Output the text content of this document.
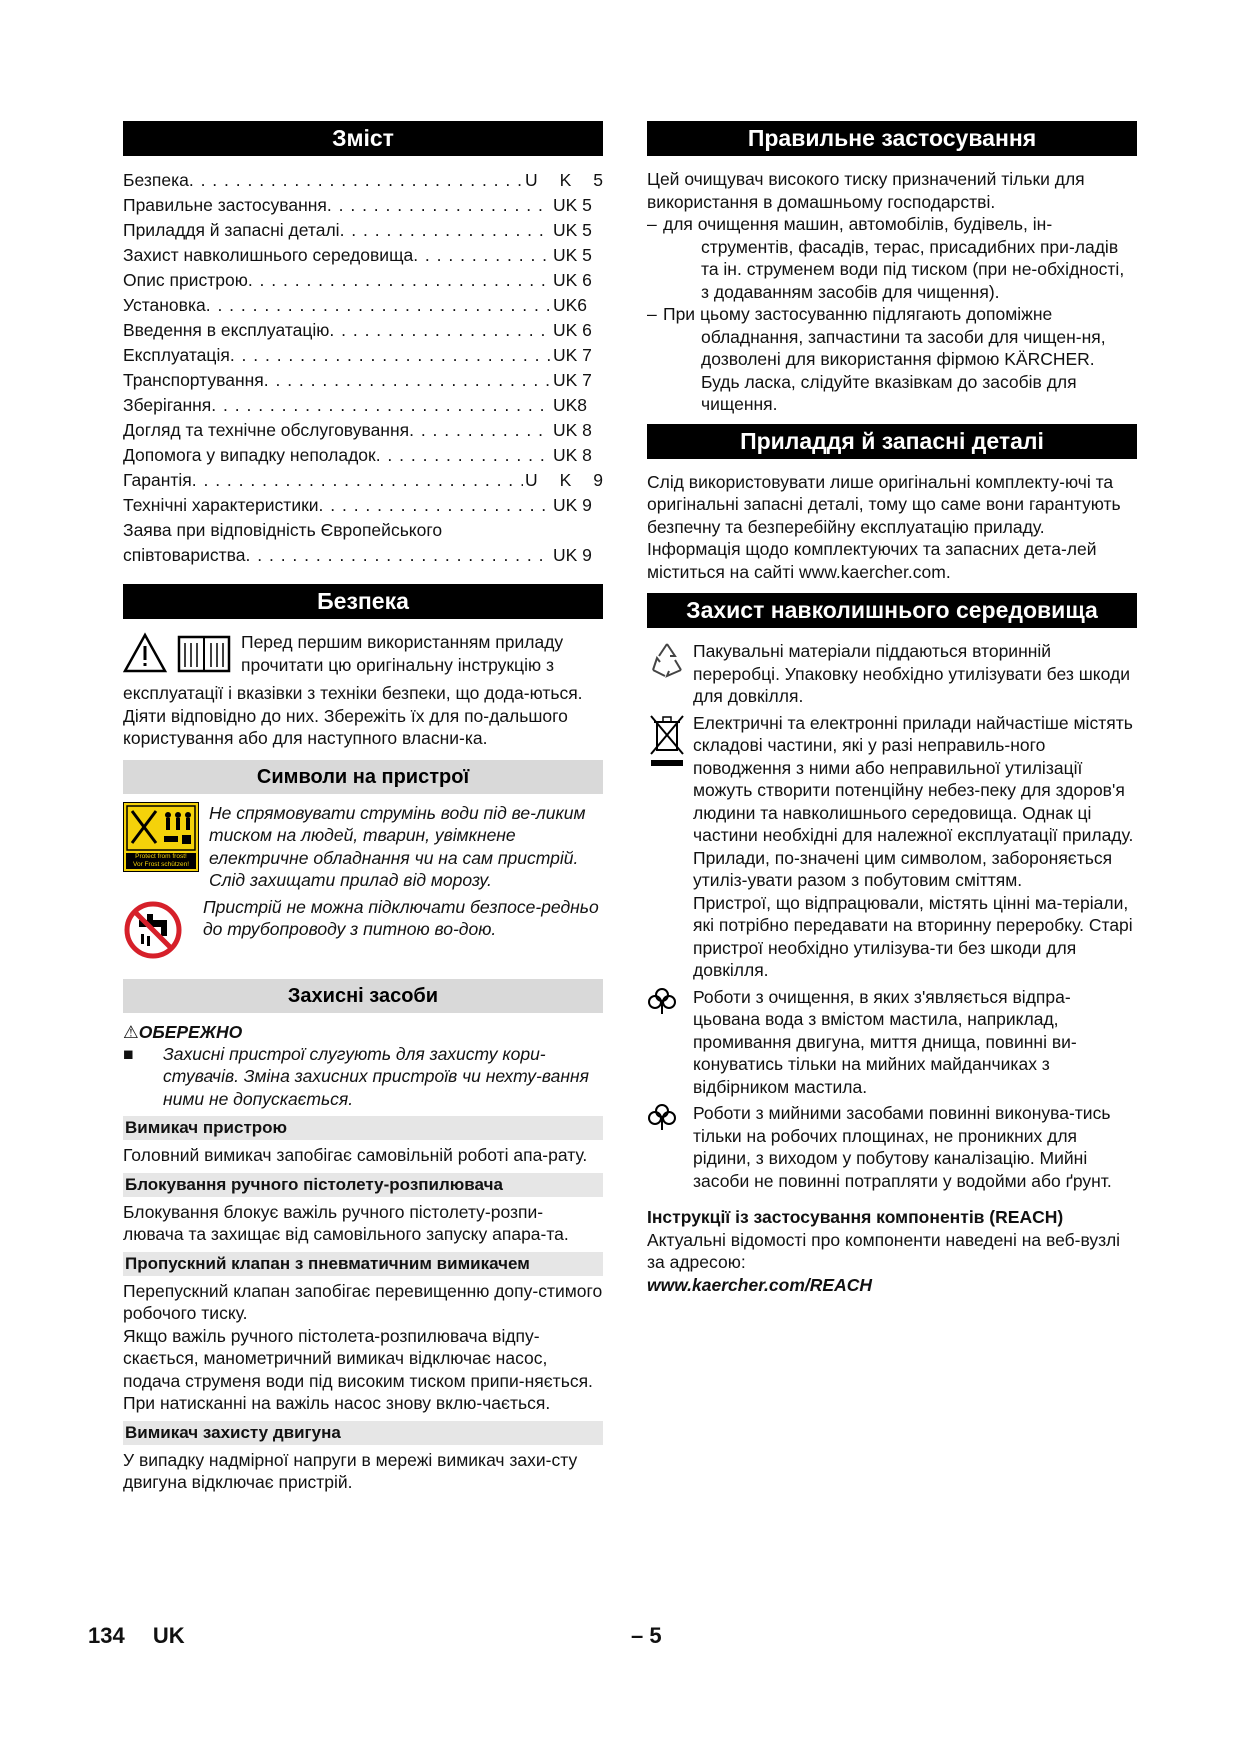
Зміст
Безпека . . .	UK5
Правильне застосування . . .	UK 5
Приладдя й запасні деталі . . .	UK 5
Захист навколишнього середовища . . .	UK 5
Опис пристрою . . .	UK 6
Установка . . .	UK6
Введення в експлуатацію . . .	UK 6
Експлуатація . . .	UK 7
Транспортування . . .	UK 7
Зберігання . . .	UK8
Догляд та технічне обслуговування . . .	UK 8
Допомога у випадку неполадок . . .	UK 8
Гарантія . . .	UK9
Технічні характеристики . . .	UK 9
Заява при відповідність Європейського
співтовариства . . .	UK 9
Безпека

Перед першим використанням приладу

прочитати цю оригінальну інструкцію з

експлуатації і вказівки з техніки безпеки, що дода-ються. Діяти відповідно до них. Збережіть їх для по-дальшого користування або для наступного власни-ка.

Символи на пристрої
Protect from frost!
Vor Frost schützen!

Не спрямовувати струмінь води під ве-ликим тиском на людей, тварин, увімкнене електричне обладнання чи на сам пристрій.

Слід захищати прилад від морозу.

Пристрій не можна підключати безпосе-редньо до трубопроводу з питною во-дою.

Захисні засоби
⚠ОБЕРЕЖНО
■	Захисні пристрої слугують для захисту кори-стувачів. Зміна захисних пристроїв чи нехту-вання ними не допускається.
Вимикач пристрою

Головний вимикач запобігає самовільній роботі апа-рату.

Блокування ручного пістолету-розпилювача

Блокування блокує важіль ручного пістолету-розпи-лювача та захищає від самовільного запуску апара-та.

Пропускний клапан з пневматичним вимикачем

Перепускний клапан запобігає перевищенню допу-стимого робочого тиску.

Якщо важіль ручного пістолета-розпилювача відпу-скається, манометричний вимикач відключає насос, подача струменя води під високим тиском припи-няється. При натисканні на важіль насос знову вклю-чається.

Вимикач захисту двигуна

У випадку надмірної напруги в мережі вимикач захи-сту двигуна відключає пристрій.

Правильне застосування

Цей очищувач високого тиску призначений тільки для використання в домашньому господарстві.

– для очищення машин, автомобілів, будівель, ін-
струментів, фасадів, терас, присадибних при-ладів та ін. струменем води під тиском (при не-обхідності, з додаванням засобів для чищення).
– При цьому застосуванню підлягають допоміжне
обладнання, запчастини та засоби для чищен-ня, дозволені для використання фірмою KÄRCHER. Будь ласка, слідуйте вказівкам до засобів для чищення.
Приладдя й запасні деталі

Слід використовувати лише оригінальні комплекту-ючі та оригінальні запасні деталі, тому що саме вони гарантують безпечну та безперебійну експлуатацію приладу.

Інформація щодо комплектуючих та запасних дета-лей міститься на сайті www.kaercher.com.

Захист навколишнього середовища

Пакувальні матеріали піддаються вторинній переробці. Упаковку необхідно утилізувати без шкоди для довкілля.

Електричні та електронні прилади найчастіше містять складові частини, які у разі неправиль-ного поводження з ними або неправильної утилізації можуть створити потенційну небез-пеку для здоров'я людини та навколишнього середовища. Однак ці частини необхідні для належної експлуатації приладу. Прилади, по-значені цим символом, забороняється утиліз-увати разом з побутовим сміттям.

Пристрої, що відпрацювали, містять цінні ма-теріали, які потрібно передавати на вторинну переробку. Старі пристрої необхідно утилізува-ти без шкоди для довкілля.

Роботи з очищення, в яких з'являється відпра-цьована вода з вмістом мастила, наприклад, промивання двигуна, миття днища, повинні ви-конуватись тільки на мийних майданчиках з відбірником мастила.

Роботи з мийними засобами повинні виконува-тись тільки на робочих площинах, не проникних для рідини, з виходом у побутову каналізацію. Мийні засоби не повинні потрапляти у водойми або ґрунт.

Інструкції із застосування компонентів (REACH)

Актуальні відомості про компоненти наведені на веб-вузлі за адресою:

www.kaercher.com/REACH

134 UK	– 5
